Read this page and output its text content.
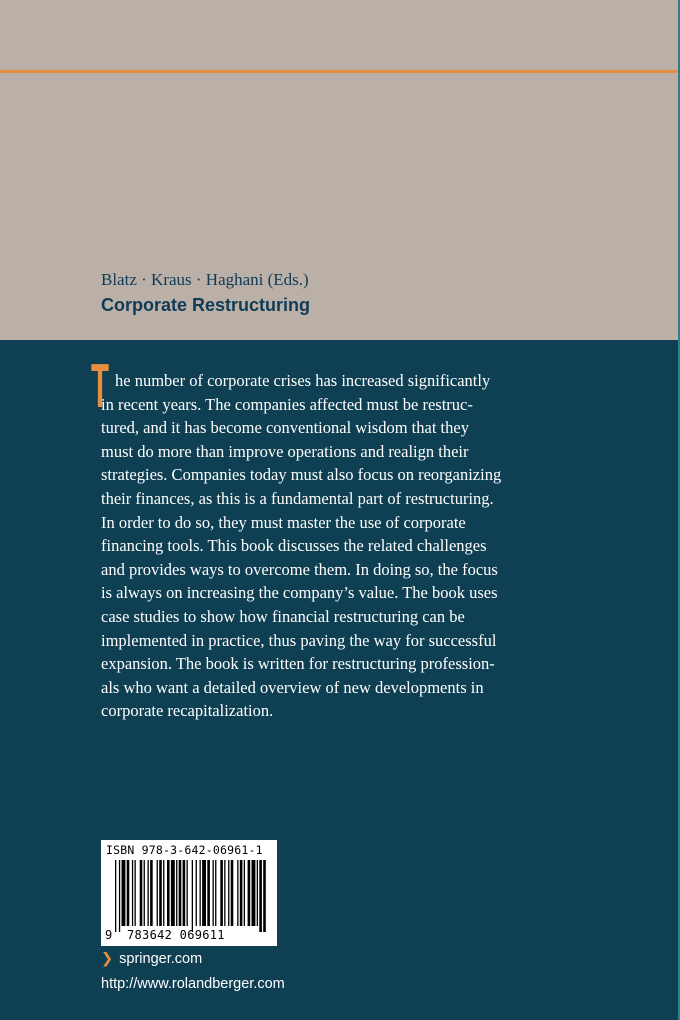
Blatz · Kraus · Haghani (Eds.)
Corporate Restructuring
T he number of corporate crises has increased significantly
in recent years. The companies affected must be restruc-
tured, and it has become conventional wisdom that they
must do more than improve operations and realign their
strategies. Companies today must also focus on reorganizing
their finances, as this is a fundamental part of restructuring.
In order to do so, they must master the use of corporate
financing tools. This book discusses the related challenges
and provides ways to overcome them. In doing so, the focus
is always on increasing the company’s value. The book uses
case studies to show how financial restructuring can be
implemented in practice, thus paving the way for successful
expansion. The book is written for restructuring profession-
als who want a detailed overview of new developments in
corporate recapitalization.
ISBN 978-3-642-06961-1
9 783642 069611
❯ springer.com
http://www.rolandberger.com
